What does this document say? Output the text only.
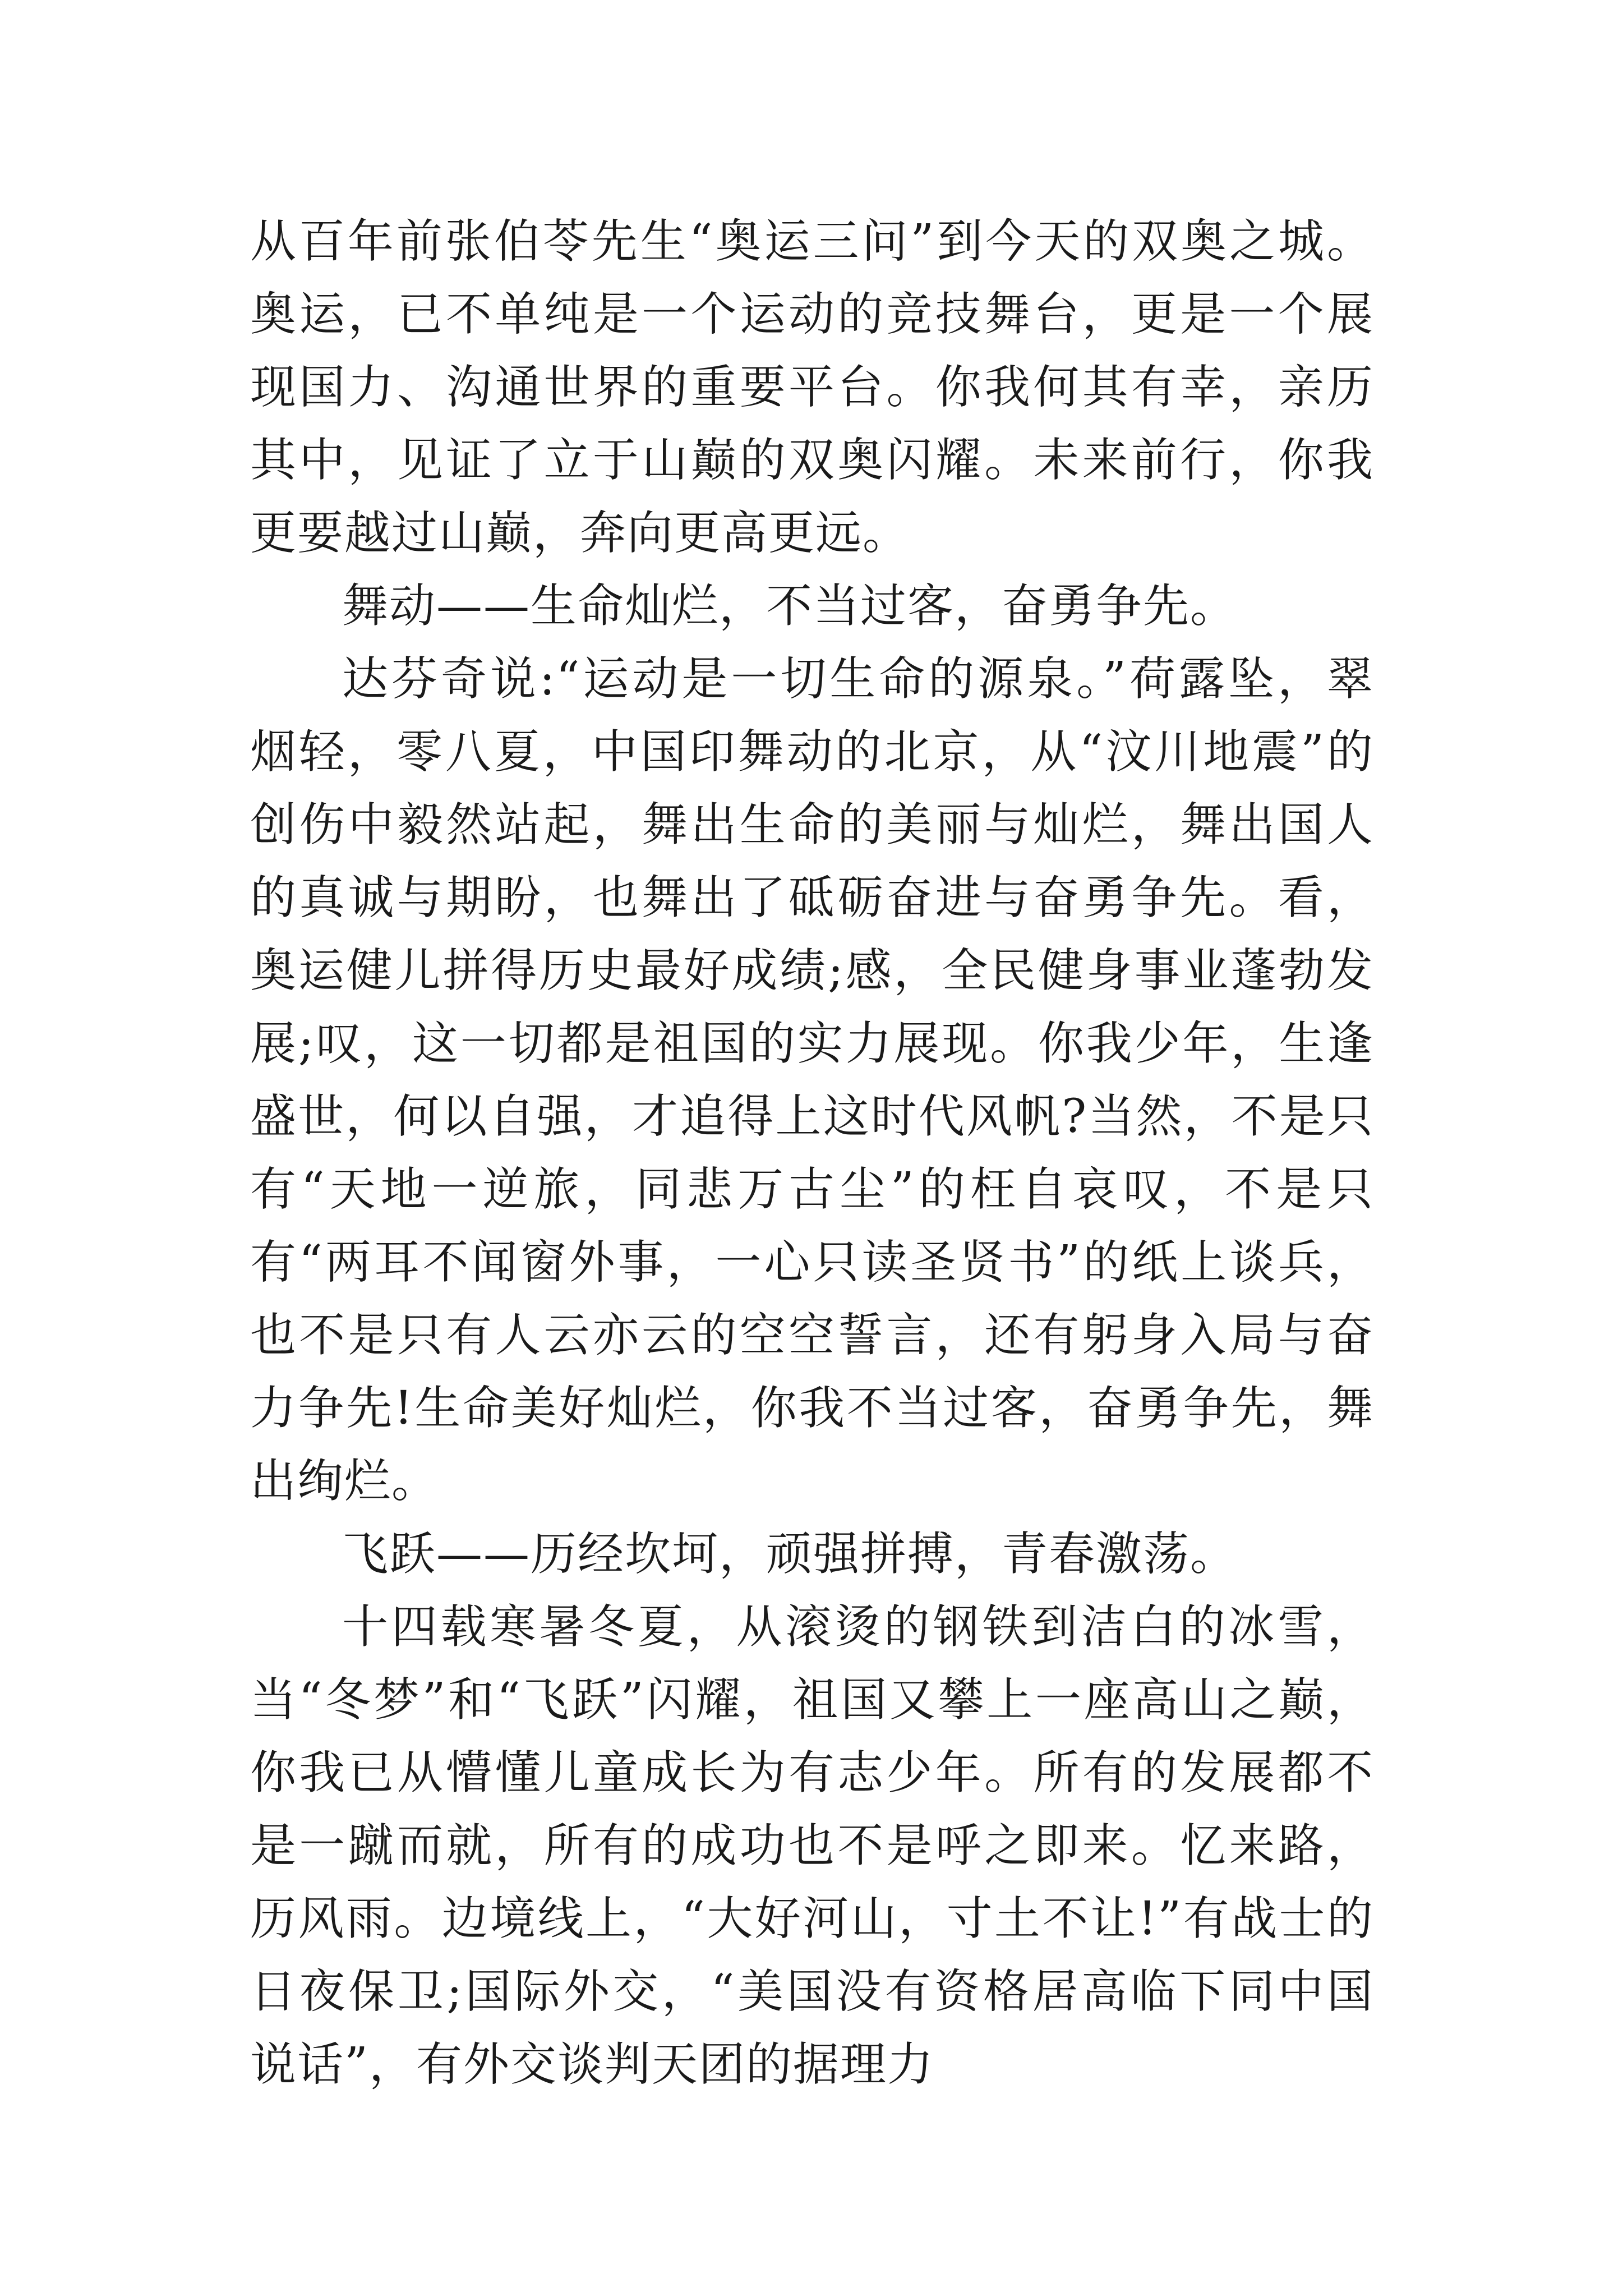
从百年前张伯苓先生“奥运三问”到今天的双奥之城。奥运，已不单纯是一个运动的竞技舞台，更是一个展现国力、沟通世界的重要平台。你我何其有幸，亲历其中，见证了立于山巅的双奥闪耀。未来前行，你我更要越过山巅，奔向更高更远。

舞动——生命灿烂，不当过客，奋勇争先。

达芬奇说:“运动是一切生命的源泉。”荷露坠，翠烟轻，零八夏，中国印舞动的北京，从“汶川地震”的创伤中毅然站起，舞出生命的美丽与灿烂，舞出国人的真诚与期盼，也舞出了砥砺奋进与奋勇争先。看，奥运健儿拼得历史最好成绩;感，全民健身事业蓬勃发展;叹，这一切都是祖国的实力展现。你我少年，生逢盛世，何以自强，才追得上这时代风帆?当然，不是只有“天地一逆旅，同悲万古尘”的枉自哀叹，不是只有“两耳不闻窗外事，一心只读圣贤书”的纸上谈兵，也不是只有人云亦云的空空誓言，还有躬身入局与奋力争先!生命美好灿烂，你我不当过客，奋勇争先，舞出绚烂。

飞跃——历经坎坷，顽强拼搏，青春激荡。

十四载寒暑冬夏，从滚烫的钢铁到洁白的冰雪，当“冬梦”和“飞跃”闪耀，祖国又攀上一座高山之巅，你我已从懵懂儿童成长为有志少年。所有的发展都不是一蹴而就，所有的成功也不是呼之即来。忆来路，历风雨。边境线上，“大好河山，寸土不让!”有战士的日夜保卫;国际外交，“美国没有资格居高临下同中国说话”，有外交谈判天团的据理力
